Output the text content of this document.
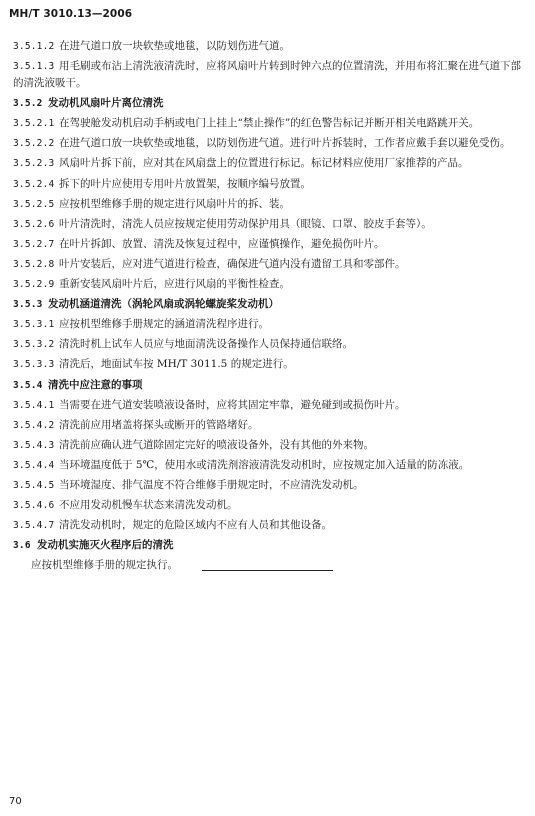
MH/T 3010.13—2006
3.5.1.2 在进气道口放一块软垫或地毯，以防划伤进气道。
3.5.1.3 用毛刷或布沾上清洗液清洗时，应将风扇叶片转到时钟六点的位置清洗，并用布将汇聚在进气道下部的清洗液吸干。
3.5.2 发动机风扇叶片离位清洗
3.5.2.1 在驾驶舱发动机启动手柄或电门上挂上“禁止操作”的红色警告标记并断开相关电路跳开关。
3.5.2.2 在进气道口放一块软垫或地毯，以防划伤进气道。进行叶片拆装时，工作者应戴手套以避免受伤。
3.5.2.3 风扇叶片拆下前，应对其在风扇盘上的位置进行标记。标记材料应使用厂家推荐的产品。
3.5.2.4 拆下的叶片应使用专用叶片放置架，按顺序编号放置。
3.5.2.5 应按机型维修手册的规定进行风扇叶片的拆、装。
3.5.2.6 叶片清洗时，清洗人员应按规定使用劳动保护用具（眼镜、口罩、胶皮手套等）。
3.5.2.7 在叶片拆卸、放置、清洗及恢复过程中，应谨慎操作，避免损伤叶片。
3.5.2.8 叶片安装后，应对进气道进行检查，确保进气道内没有遗留工具和零部件。
3.5.2.9 重新安装风扇叶片后，应进行风扇的平衡性检查。
3.5.3 发动机涵道清洗（涡轮风扇或涡轮螺旋桨发动机）
3.5.3.1 应按机型维修手册规定的涵道清洗程序进行。
3.5.3.2 清洗时机上试车人员应与地面清洗设备操作人员保持通信联络。
3.5.3.3 清洗后，地面试车按 MH/T 3011.5 的规定进行。
3.5.4 清洗中应注意的事项
3.5.4.1 当需要在进气道安装喷液设备时，应将其固定牢靠，避免碰到或损伤叶片。
3.5.4.2 清洗前应用堵盖将探头或断开的管路堵好。
3.5.4.3 清洗前应确认进气道除固定完好的喷液设备外，没有其他的外来物。
3.5.4.4 当环境温度低于 5℃，使用水或清洗剂溶液清洗发动机时，应按规定加入适量的防冻液。
3.5.4.5 当环境湿度、排气温度不符合维修手册规定时，不应清洗发动机。
3.5.4.6 不应用发动机慢车状态来清洗发动机。
3.5.4.7 清洗发动机时，规定的危险区域内不应有人员和其他设备。
3.6 发动机实施灭火程序后的清洗
应按机型维修手册的规定执行。
70
